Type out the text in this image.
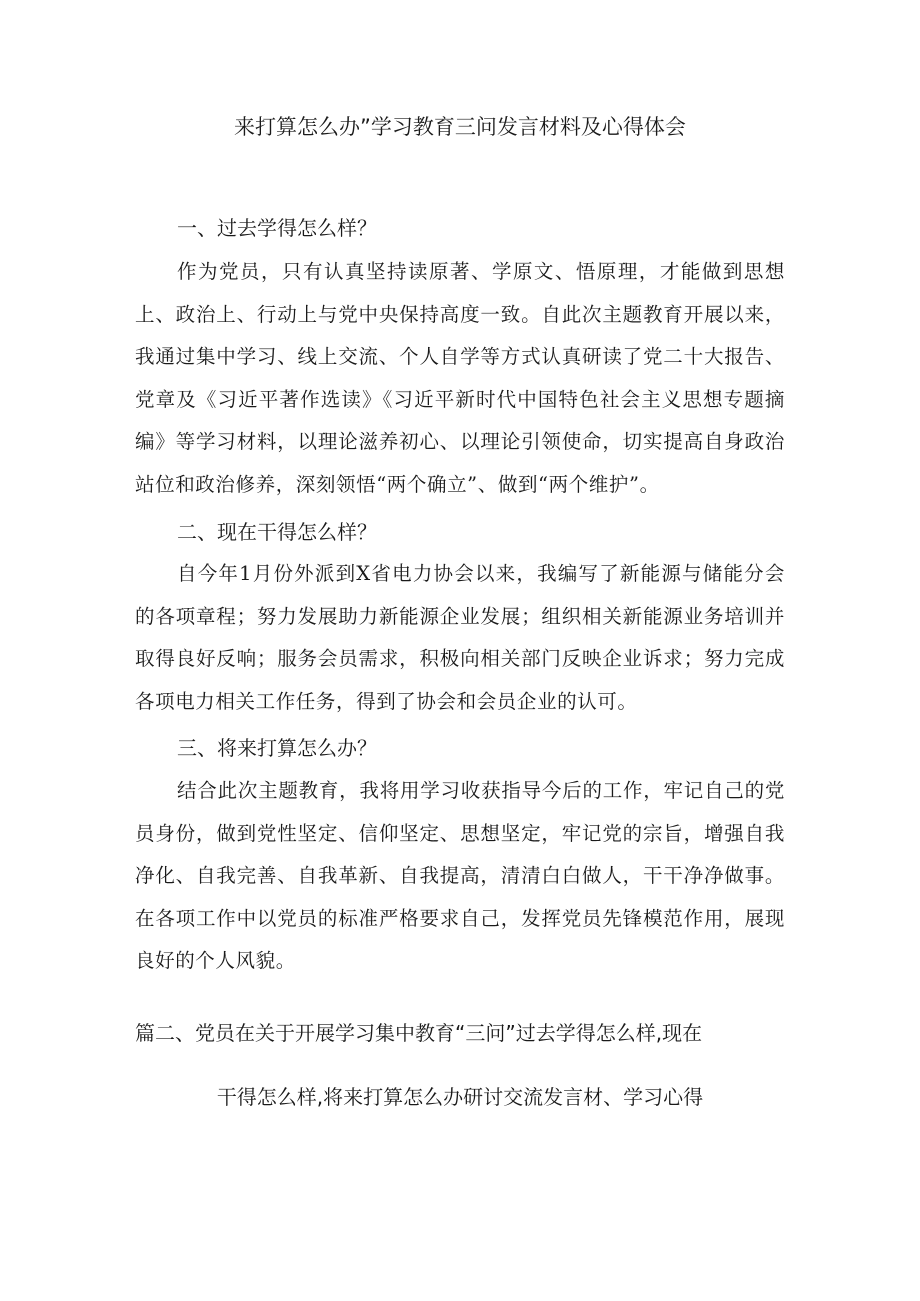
来打算怎么办”学习教育三问发言材料及心得体会
一、过去学得怎么样？

作为党员，只有认真坚持读原著、学原文、悟原理，才能做到思想上、政治上、行动上与党中央保持高度一致。自此次主题教育开展以来，我通过集中学习、线上交流、个人自学等方式认真研读了党二十大报告、党章及《习近平著作选读》《习近平新时代中国特色社会主义思想专题摘编》等学习材料，以理论滋养初心、以理论引领使命，切实提高自身政治站位和政治修养，深刻领悟“两个确立”、做到“两个维护”。

二、现在干得怎么样？

自今年1月份外派到X省电力协会以来，我编写了新能源与储能分会的各项章程；努力发展助力新能源企业发展；组织相关新能源业务培训并取得良好反响；服务会员需求，积极向相关部门反映企业诉求；努力完成各项电力相关工作任务，得到了协会和会员企业的认可。

三、将来打算怎么办？

结合此次主题教育，我将用学习收获指导今后的工作，牢记自己的党员身份，做到党性坚定、信仰坚定、思想坚定，牢记党的宗旨，增强自我净化、自我完善、自我革新、自我提高，清清白白做人，干干净净做事。在各项工作中以党员的标准严格要求自己，发挥党员先锋模范作用，展现良好的个人风貌。

篇二、党员在关于开展学习集中教育“三问”过去学得怎么样,现在
干得怎么样,将来打算怎么办研讨交流发言材、学习心得
